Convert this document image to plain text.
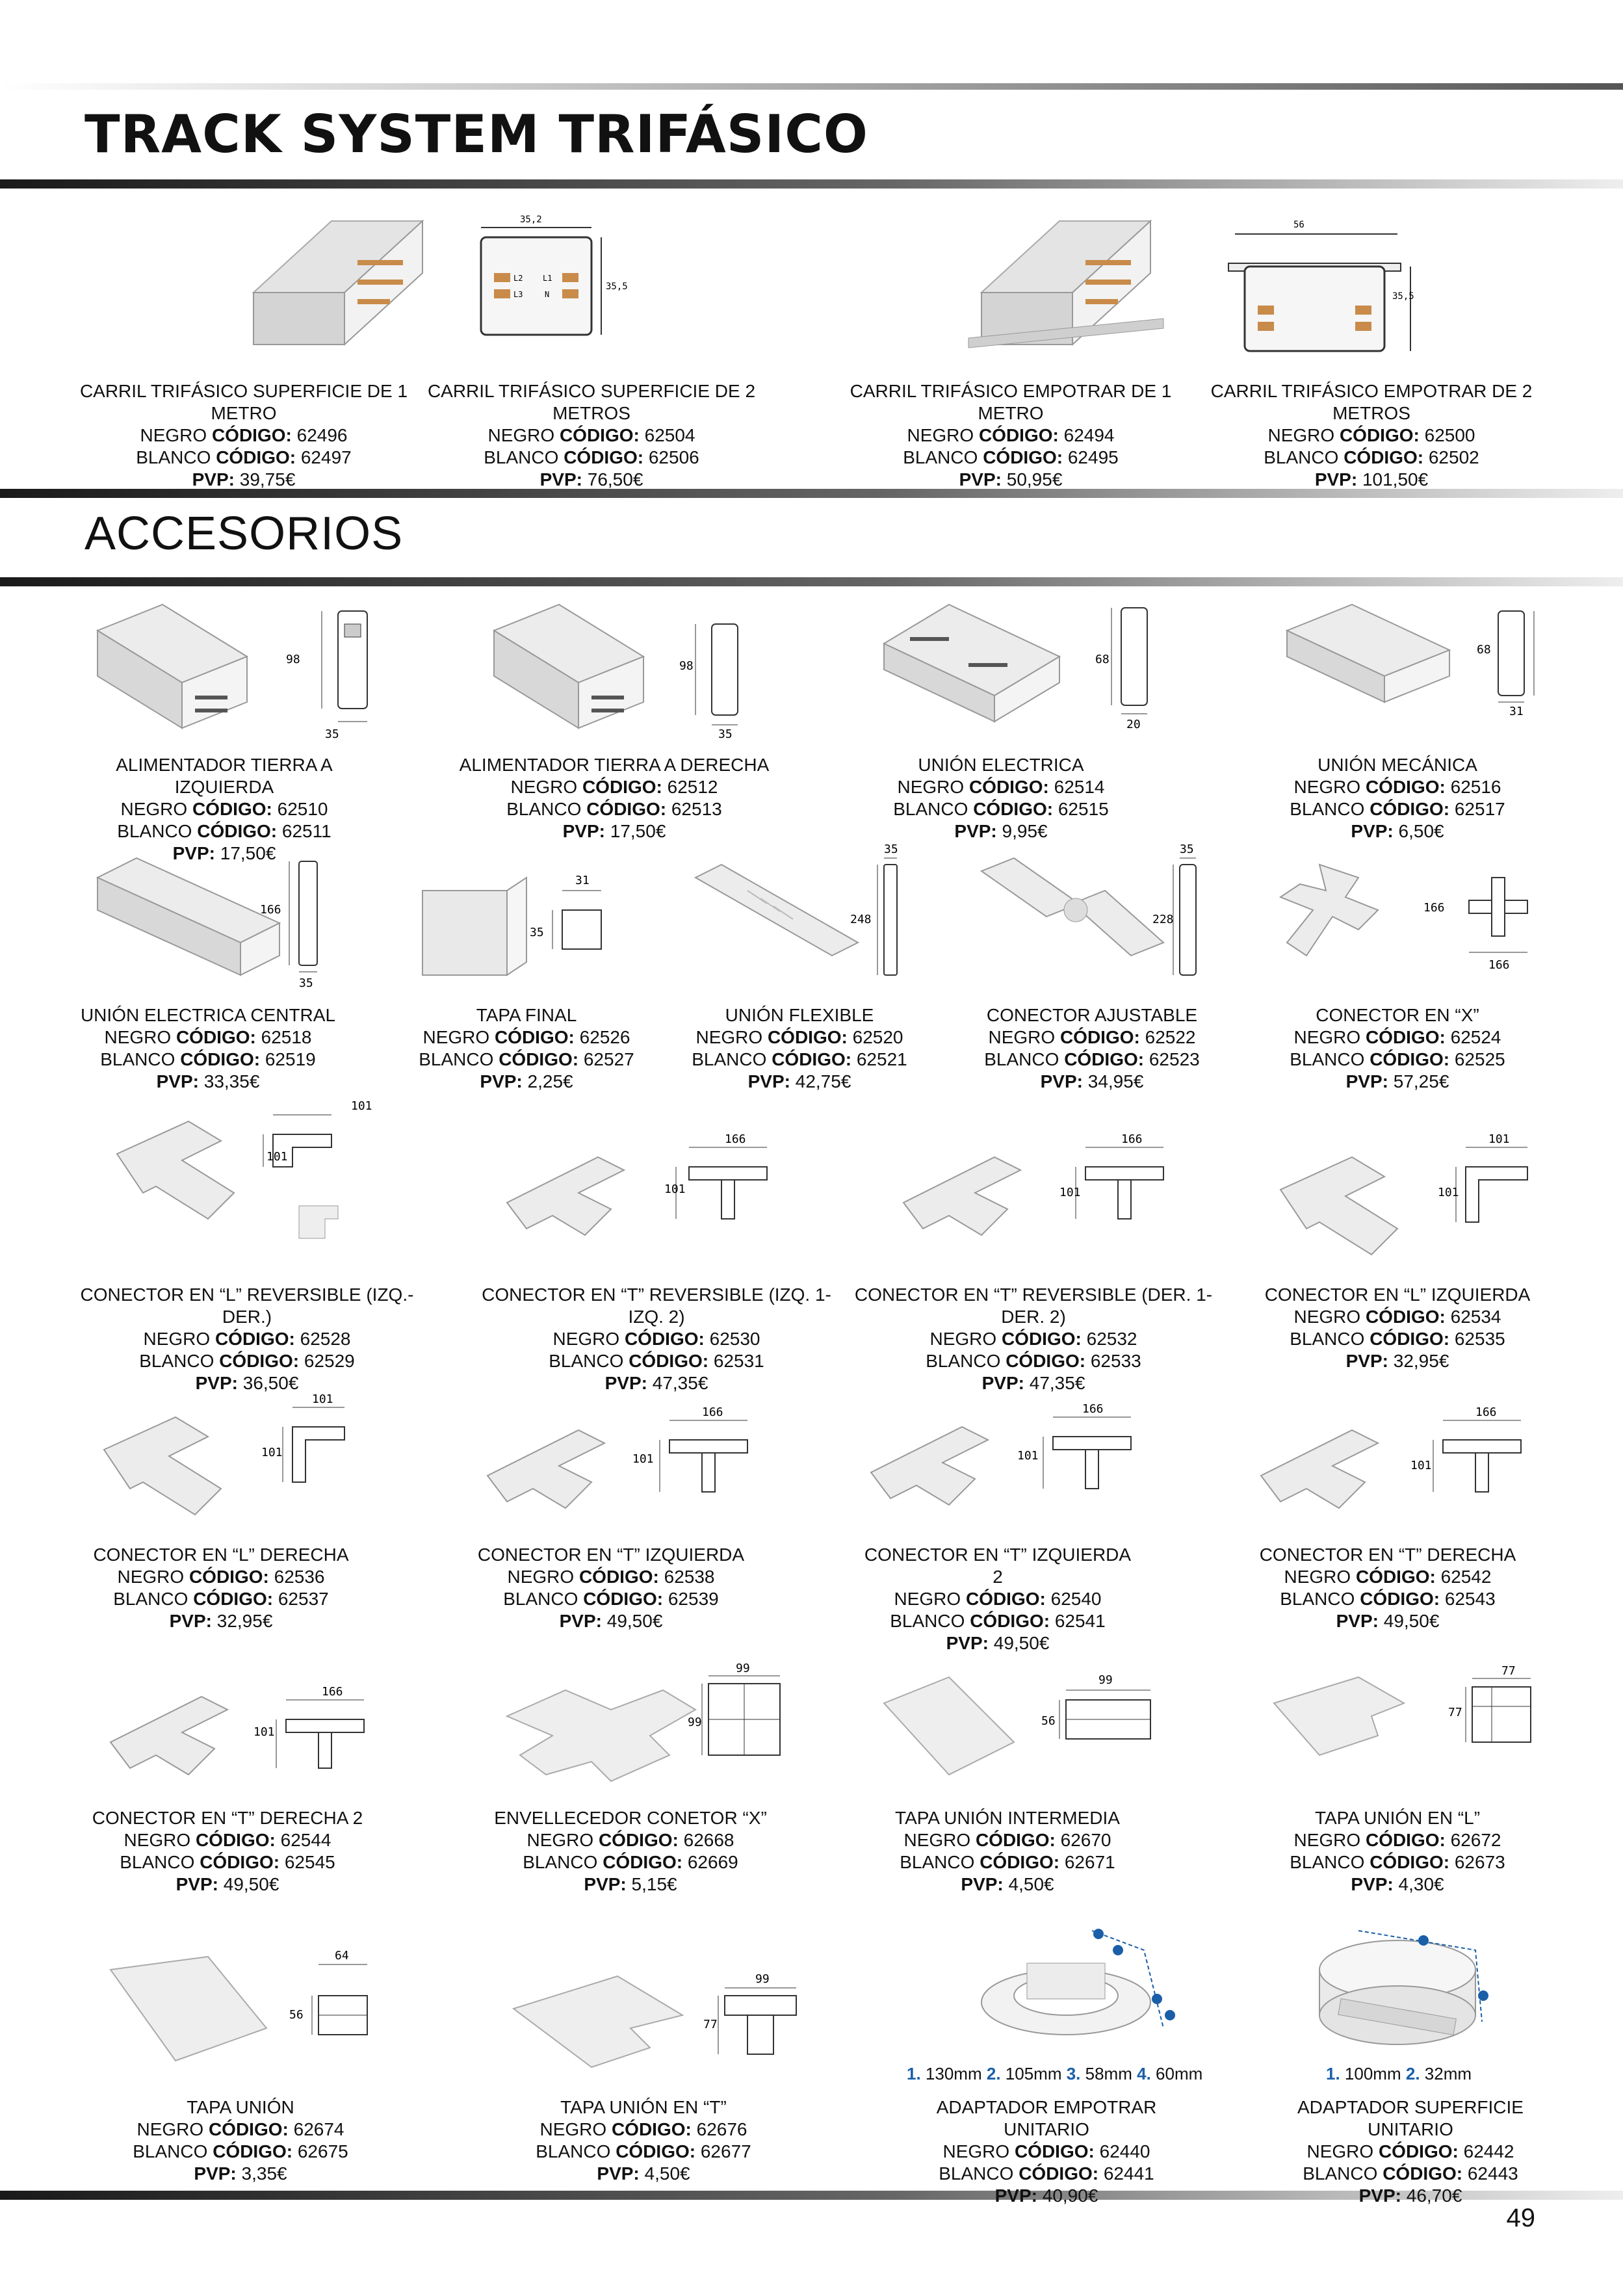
TRACK SYSTEM TRIFÁSICO
ACCESORIOS
35,2
L2
L3
L1
N
35,5
56
35,5
CARRIL TRIFÁSICO SUPERFICIE DE 1 METRO
NEGRO CÓDIGO: 62496
BLANCO CÓDIGO: 62497
PVP: 39,75€
CARRIL TRIFÁSICO SUPERFICIE DE 2 METROS
NEGRO CÓDIGO: 62504
BLANCO CÓDIGO: 62506
PVP: 76,50€
CARRIL TRIFÁSICO EMPOTRAR DE 1 METRO
NEGRO CÓDIGO: 62494
BLANCO CÓDIGO: 62495
PVP: 50,95€
CARRIL TRIFÁSICO EMPOTRAR DE 2 METROS
NEGRO CÓDIGO: 62500
BLANCO CÓDIGO: 62502
PVP: 101,50€
98
35
98
35
68
20
68
31
ALIMENTADOR TIERRA A IZQUIERDA
NEGRO CÓDIGO: 62510
BLANCO CÓDIGO: 62511
PVP: 17,50€
ALIMENTADOR TIERRA A DERECHA
NEGRO CÓDIGO: 62512
BLANCO CÓDIGO: 62513
PVP: 17,50€
UNIÓN ELECTRICA
NEGRO CÓDIGO: 62514
BLANCO CÓDIGO: 62515
PVP: 9,95€
UNIÓN MECÁNICA
NEGRO CÓDIGO: 62516
BLANCO CÓDIGO: 62517
PVP: 6,50€
166
35
31
35
248
35
228
35
166
166
UNIÓN ELECTRICA CENTRAL
NEGRO CÓDIGO: 62518
BLANCO CÓDIGO: 62519
PVP: 33,35€
TAPA FINAL
NEGRO CÓDIGO: 62526
BLANCO CÓDIGO: 62527
PVP: 2,25€
UNIÓN FLEXIBLE
NEGRO CÓDIGO: 62520
BLANCO CÓDIGO: 62521
PVP: 42,75€
CONECTOR AJUSTABLE
NEGRO CÓDIGO: 62522
BLANCO CÓDIGO: 62523
PVP: 34,95€
CONECTOR EN “X”
NEGRO CÓDIGO: 62524
BLANCO CÓDIGO: 62525
PVP: 57,25€
101
101
166
101
166
101
101
101
CONECTOR EN “L” REVERSIBLE (IZQ.-DER.)
NEGRO CÓDIGO: 62528
BLANCO CÓDIGO: 62529
PVP: 36,50€
CONECTOR EN “T” REVERSIBLE (IZQ. 1-IZQ. 2)
NEGRO CÓDIGO: 62530
BLANCO CÓDIGO: 62531
PVP: 47,35€
CONECTOR EN “T” REVERSIBLE (DER. 1-DER. 2)
NEGRO CÓDIGO: 62532
BLANCO CÓDIGO: 62533
PVP: 47,35€
CONECTOR EN “L” IZQUIERDA
NEGRO CÓDIGO: 62534
BLANCO CÓDIGO: 62535
PVP: 32,95€
101
101
166
101
166
101
166
101
CONECTOR EN “L” DERECHA
NEGRO CÓDIGO: 62536
BLANCO CÓDIGO: 62537
PVP: 32,95€
CONECTOR EN “T” IZQUIERDA
NEGRO CÓDIGO: 62538
BLANCO CÓDIGO: 62539
PVP: 49,50€
CONECTOR EN “T” IZQUIERDA 2
NEGRO CÓDIGO: 62540
BLANCO CÓDIGO: 62541
PVP: 49,50€
CONECTOR EN “T” DERECHA
NEGRO CÓDIGO: 62542
BLANCO CÓDIGO: 62543
PVP: 49,50€
166
101
99
99
99
56
77
77
CONECTOR EN “T” DERECHA 2
NEGRO CÓDIGO: 62544
BLANCO CÓDIGO: 62545
PVP: 49,50€
ENVELLECEDOR CONETOR “X”
NEGRO CÓDIGO: 62668
BLANCO CÓDIGO: 62669
PVP: 5,15€
TAPA UNIÓN INTERMEDIA
NEGRO CÓDIGO: 62670
BLANCO CÓDIGO: 62671
PVP: 4,50€
TAPA UNIÓN EN “L”
NEGRO CÓDIGO: 62672
BLANCO CÓDIGO: 62673
PVP: 4,30€
64
56
99
77
1. 130mm 2. 105mm 3. 58mm 4. 60mm	1. 100mm 2. 32mm
TAPA UNIÓN
NEGRO CÓDIGO: 62674
BLANCO CÓDIGO: 62675
PVP: 3,35€
TAPA UNIÓN EN “T”
NEGRO CÓDIGO: 62676
BLANCO CÓDIGO: 62677
PVP: 4,50€
ADAPTADOR EMPOTRAR UNITARIO
NEGRO CÓDIGO: 62440
BLANCO CÓDIGO: 62441
PVP: 40,90€
ADAPTADOR SUPERFICIE UNITARIO
NEGRO CÓDIGO: 62442
BLANCO CÓDIGO: 62443
PVP: 46,70€
49
